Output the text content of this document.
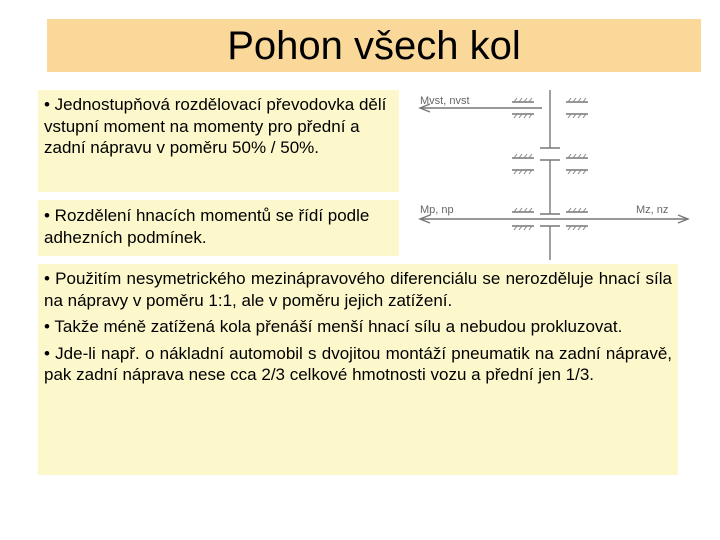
Pohon všech kol
• Jednostupňová rozdělovací převodovka dělí vstupní moment na momenty pro přední a zadní nápravu v poměru 50% / 50%.
• Rozdělení hnacích momentů se řídí podle adhezních podmínek.
Mvst, nvst
Mp, np	Mz, nz

• Použitím nesymetrického mezinápravového diferenciálu se nerozděluje hnací síla na nápravy v poměru 1:1, ale v poměru jejich zatížení.

• Takže méně zatížená kola přenáší menší hnací sílu a nebudou prokluzovat.

• Jde-li např. o nákladní automobil s dvojitou montáží pneumatik na zadní nápravě, pak zadní náprava nese cca 2/3 celkové hmotnosti vozu a přední jen 1/3.
